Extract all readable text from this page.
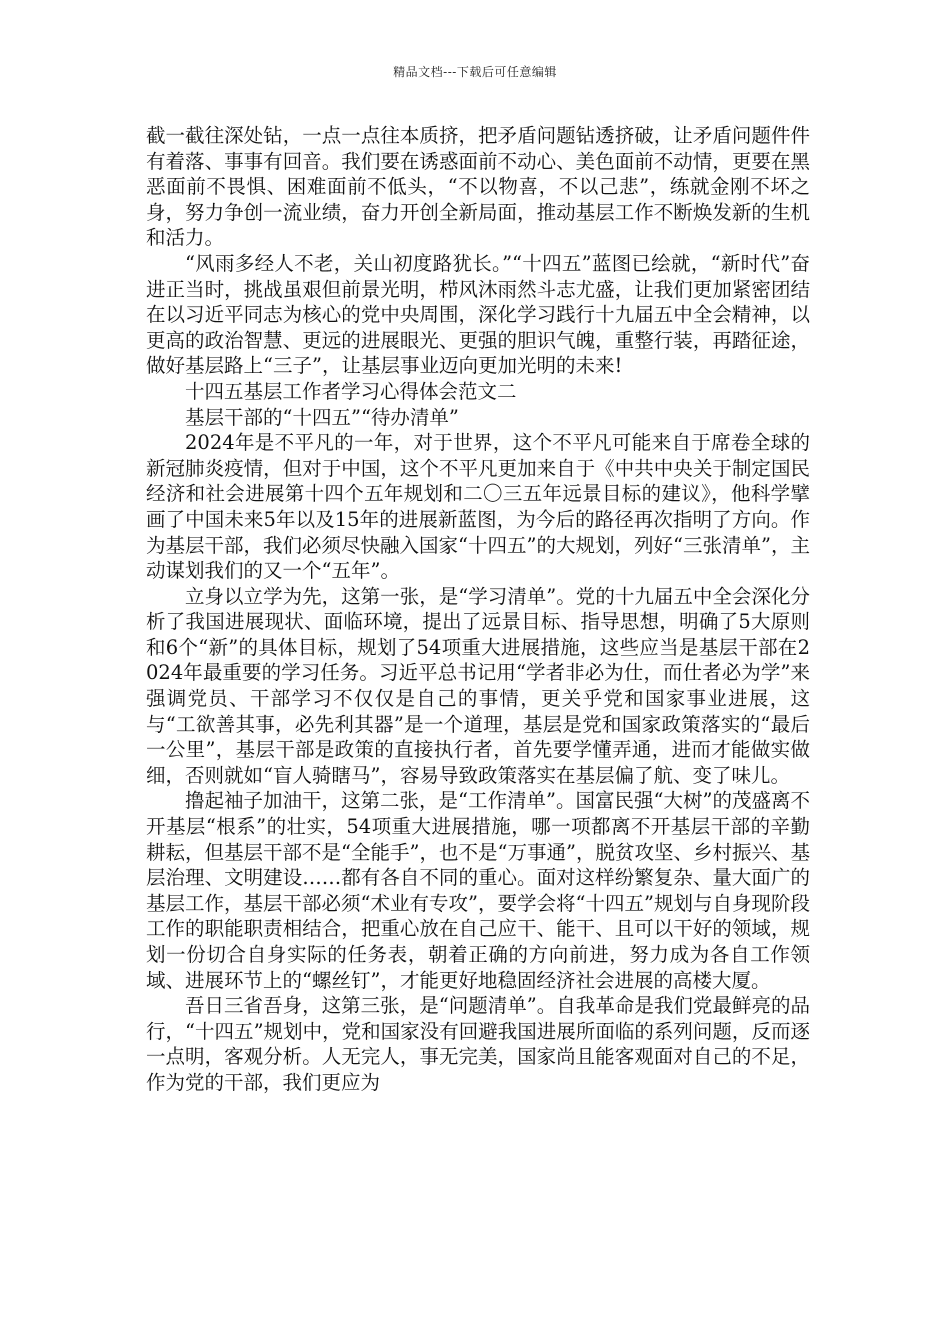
精品文档---下载后可任意编辑

截一截往深处钻，一点一点往本质挤，把矛盾问题钻透挤破，让矛盾问题件件有着落、事事有回音。我们要在诱惑面前不动心、美色面前不动情，更要在黑恶面前不畏惧、困难面前不低头，“不以物喜，不以己悲”，练就金刚不坏之身，努力争创一流业绩，奋力开创全新局面，推动基层工作不断焕发新的生机和活力。

“风雨多经人不老，关山初度路犹长。”“十四五”蓝图已绘就，“新时代”奋进正当时，挑战虽艰但前景光明，栉风沐雨然斗志尤盛，让我们更加紧密团结在以习近平同志为核心的党中央周围，深化学习践行十九届五中全会精神，以更高的政治智慧、更远的进展眼光、更强的胆识气魄，重整行装，再踏征途，做好基层路上“三子”，让基层事业迈向更加光明的未来!

十四五基层工作者学习心得体会范文二

基层干部的“十四五”“待办清单”

2024年是不平凡的一年，对于世界，这个不平凡可能来自于席卷全球的新冠肺炎疫情，但对于中国，这个不平凡更加来自于《中共中央关于制定国民经济和社会进展第十四个五年规划和二〇三五年远景目标的建议》，他科学擘画了中国未来5年以及15年的进展新蓝图，为今后的路径再次指明了方向。作为基层干部，我们必须尽快融入国家“十四五”的大规划，列好“三张清单”，主动谋划我们的又一个“五年”。

立身以立学为先，这第一张，是“学习清单”。党的十九届五中全会深化分析了我国进展现状、面临环境，提出了远景目标、指导思想，明确了5大原则和6个“新”的具体目标，规划了54项重大进展措施，这些应当是基层干部在2024年最重要的学习任务。习近平总书记用“学者非必为仕，而仕者必为学”来强调党员、干部学习不仅仅是自己的事情，更关乎党和国家事业进展，这与“工欲善其事，必先利其器”是一个道理，基层是党和国家政策落实的“最后一公里”，基层干部是政策的直接执行者，首先要学懂弄通，进而才能做实做细，否则就如“盲人骑瞎马”，容易导致政策落实在基层偏了航、变了味儿。

撸起袖子加油干，这第二张，是“工作清单”。国富民强“大树”的茂盛离不开基层“根系”的壮实，54项重大进展措施，哪一项都离不开基层干部的辛勤耕耘，但基层干部不是“全能手”，也不是“万事通”，脱贫攻坚、乡村振兴、基层治理、文明建设……都有各自不同的重心。面对这样纷繁复杂、量大面广的基层工作，基层干部必须“术业有专攻”，要学会将“十四五”规划与自身现阶段工作的职能职责相结合，把重心放在自己应干、能干、且可以干好的领域，规划一份切合自身实际的任务表，朝着正确的方向前进，努力成为各自工作领域、进展环节上的“螺丝钉”，才能更好地稳固经济社会进展的高楼大厦。

吾日三省吾身，这第三张，是“问题清单”。自我革命是我们党最鲜亮的品行，“十四五”规划中，党和国家没有回避我国进展所面临的系列问题，反而逐一点明，客观分析。人无完人，事无完美，国家尚且能客观面对自己的不足，作为党的干部，我们更应为
